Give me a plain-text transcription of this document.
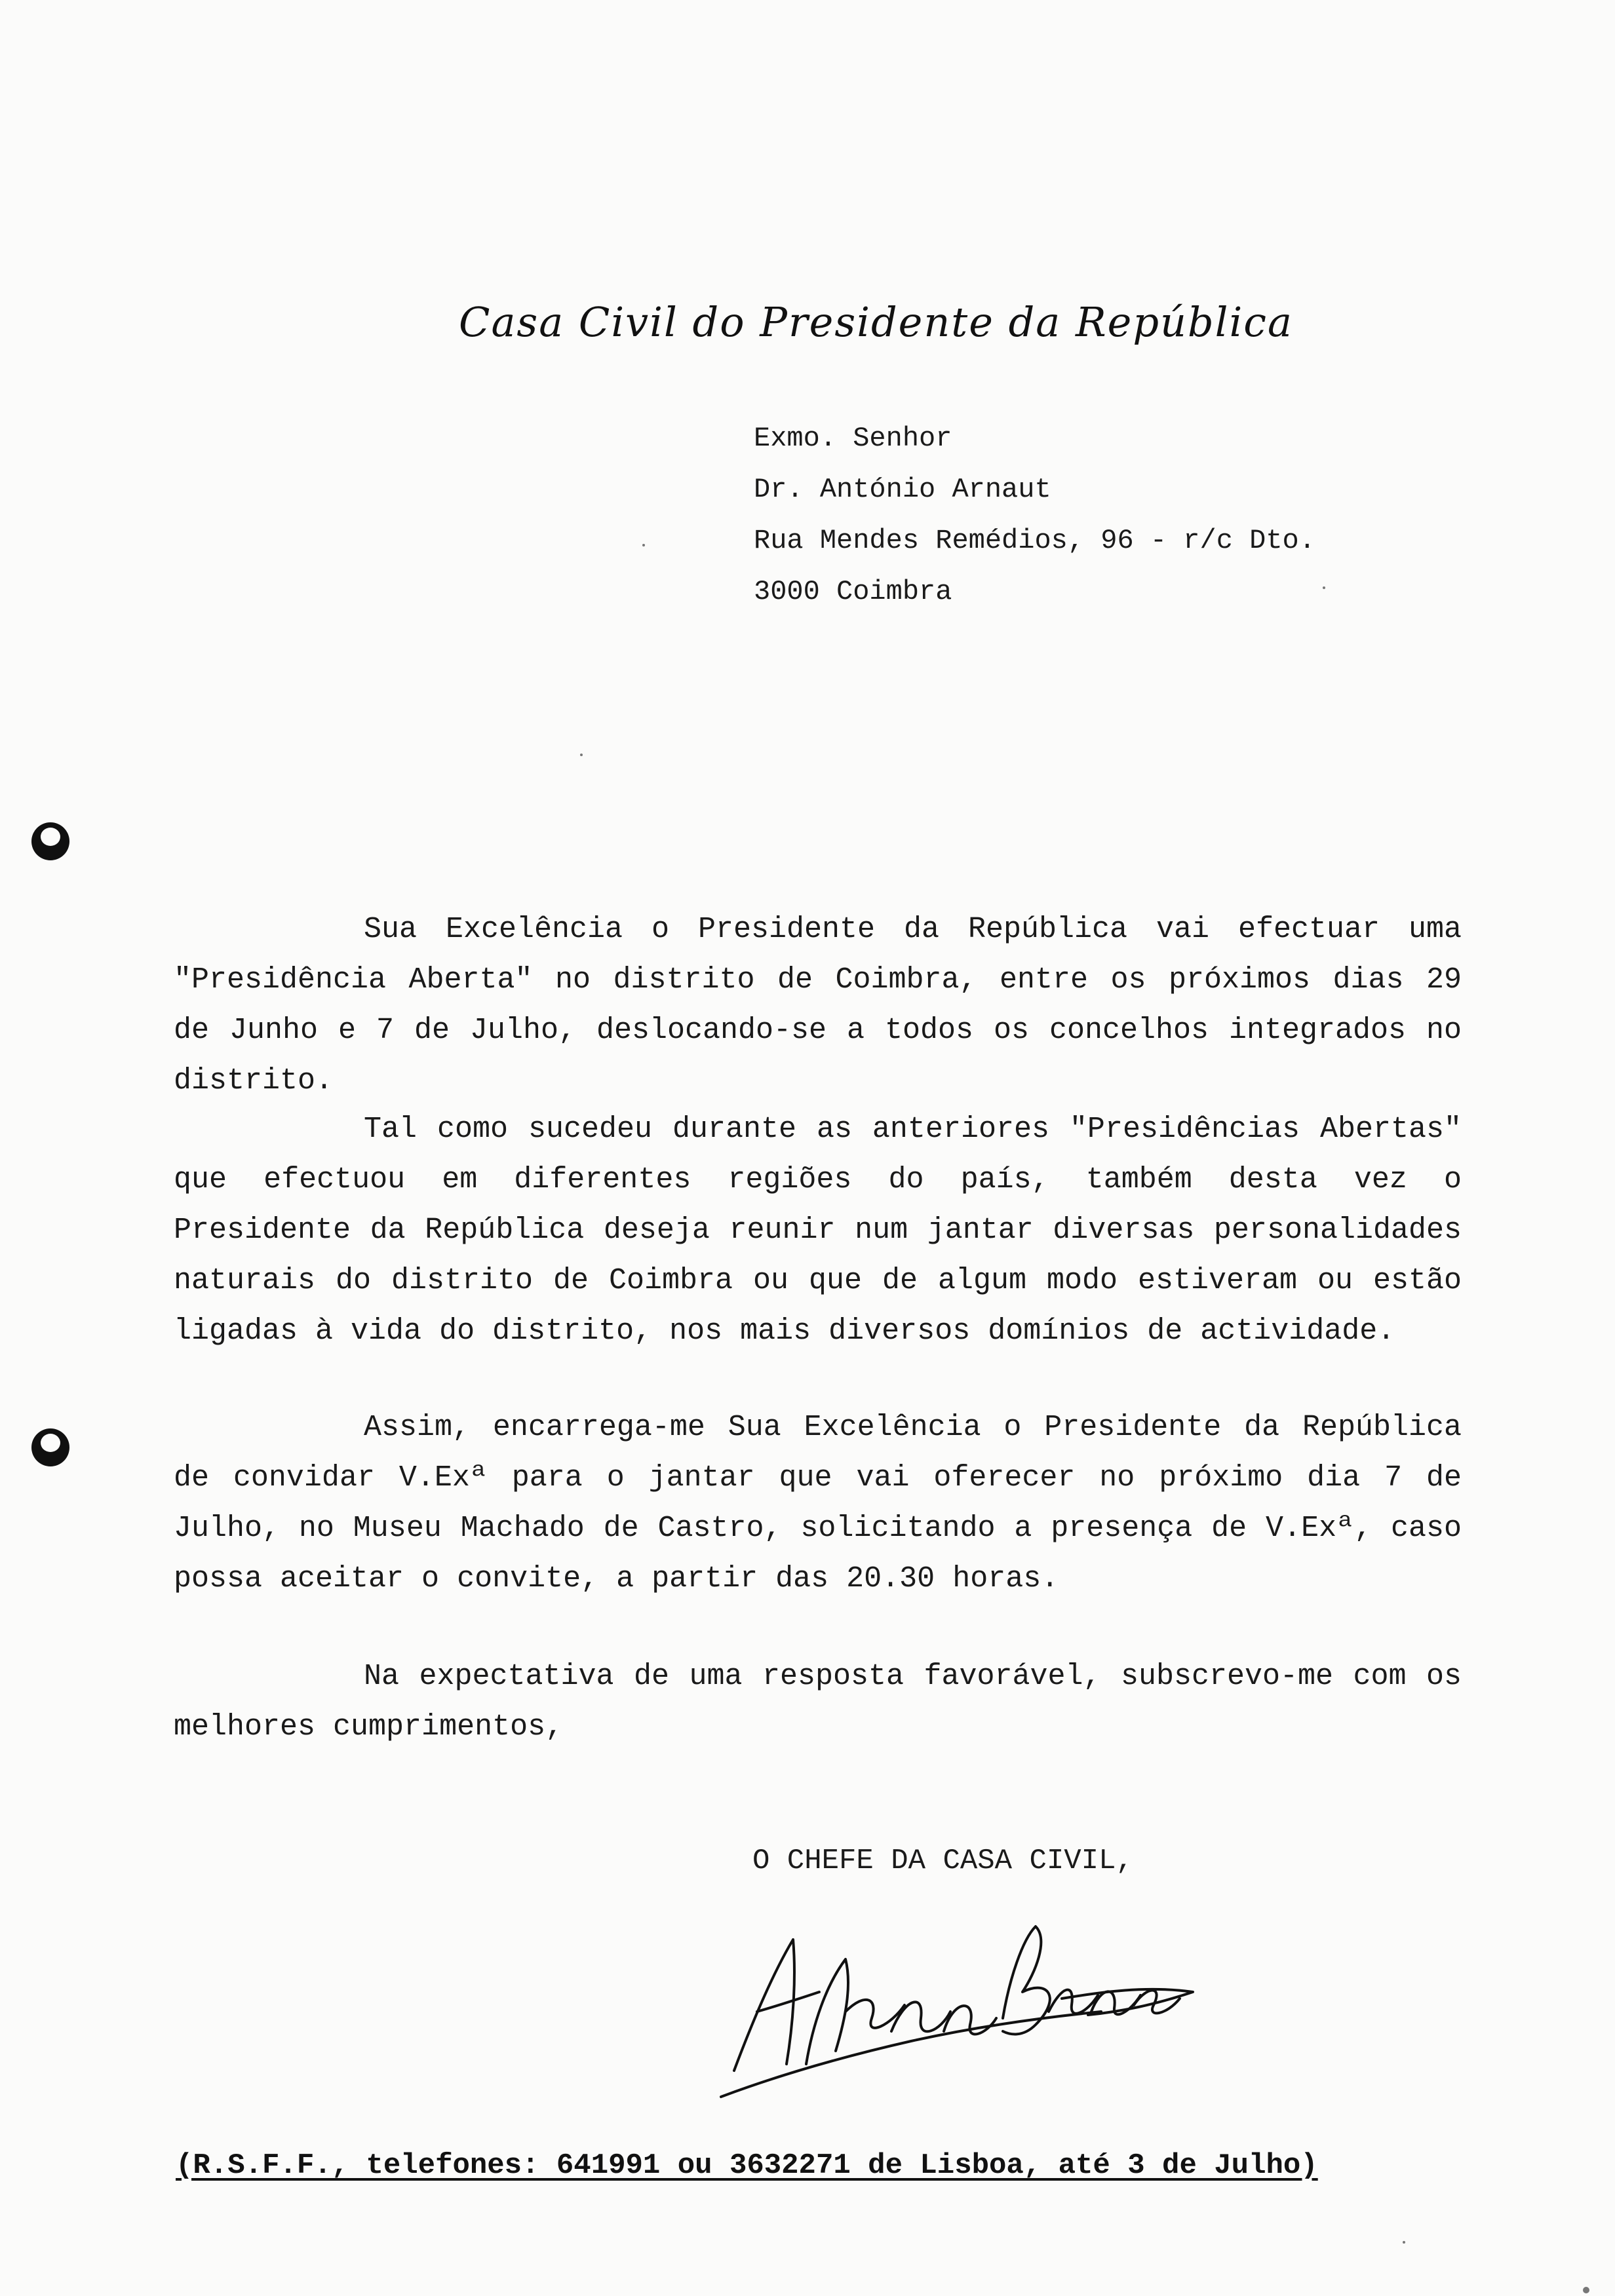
Casa Civil do Presidente da República
Exmo. Senhor
Dr. António Arnaut
Rua Mendes Remédios, 96 - r/c Dto.
3000 Coimbra

Sua Excelência o Presidente da República vai efectuar uma "Presidência Aberta" no distrito de Coimbra, entre os próximos dias 29 de Junho e 7 de Julho, deslocando-se a todos os concelhos integrados no distrito.

Tal como sucedeu durante as anteriores "Presidências Abertas" que efectuou em diferentes regiões do país, também desta vez o Presidente da República deseja reunir num jantar diversas personalidades naturais do distrito de Coimbra ou que de algum modo estiveram ou estão ligadas à vida do distrito, nos mais diversos domínios de actividade.

Assim, encarrega-me Sua Excelência o Presidente da República de convidar V.Exª para o jantar que vai oferecer no próximo dia 7 de Julho, no Museu Machado de Castro, solicitando a presença de V.Exª, caso possa aceitar o convite, a partir das 20.30 horas.

Na expectativa de uma resposta favorável, subscrevo-me com os melhores cumprimentos,

O CHEFE DA CASA CIVIL,
(R.S.F.F., telefones: 641991 ou 3632271 de Lisboa, até 3 de Julho)
